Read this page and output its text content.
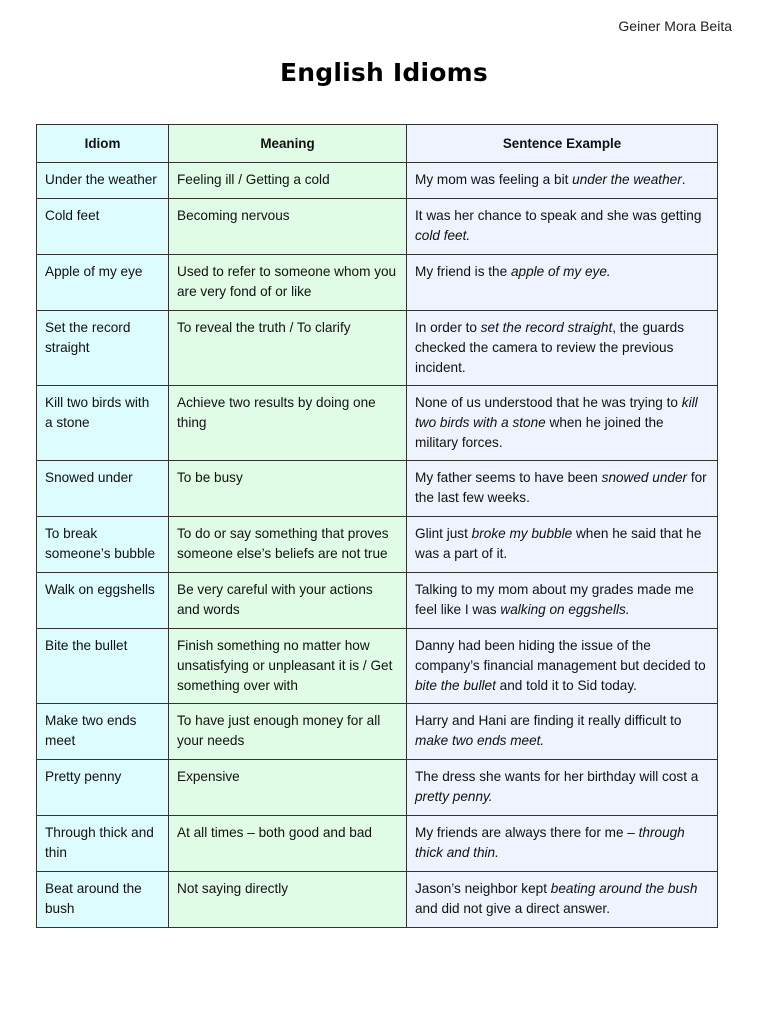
Geiner Mora Beita
English Idioms
Idiom	Meaning	Sentence Example
Under the weather	Feeling ill / Getting a cold	My mom was feeling a bit under the weather.
Cold feet	Becoming nervous	It was her chance to speak and she was getting cold feet.
Apple of my eye	Used to refer to someone whom you are very fond of or like	My friend is the apple of my eye.
Set the record straight	To reveal the truth / To clarify	In order to set the record straight, the guards checked the camera to review the previous incident.
Kill two birds with a stone	Achieve two results by doing one thing	None of us understood that he was trying to kill two birds with a stone when he joined the military forces.
Snowed under	To be busy	My father seems to have been snowed under for the last few weeks.
To break someone’s bubble	To do or say something that proves someone else’s beliefs are not true	Glint just broke my bubble when he said that he was a part of it.
Walk on eggshells	Be very careful with your actions and words	Talking to my mom about my grades made me feel like I was walking on eggshells.
Bite the bullet	Finish something no matter how unsatisfying or unpleasant it is / Get something over with	Danny had been hiding the issue of the company’s financial management but decided to bite the bullet and told it to Sid today.
Make two ends meet	To have just enough money for all your needs	Harry and Hani are finding it really difficult to make two ends meet.
Pretty penny	Expensive	The dress she wants for her birthday will cost a pretty penny.
Through thick and thin	At all times – both good and bad	My friends are always there for me – through thick and thin.
Beat around the bush	Not saying directly	Jason’s neighbor kept beating around the bush and did not give a direct answer.
